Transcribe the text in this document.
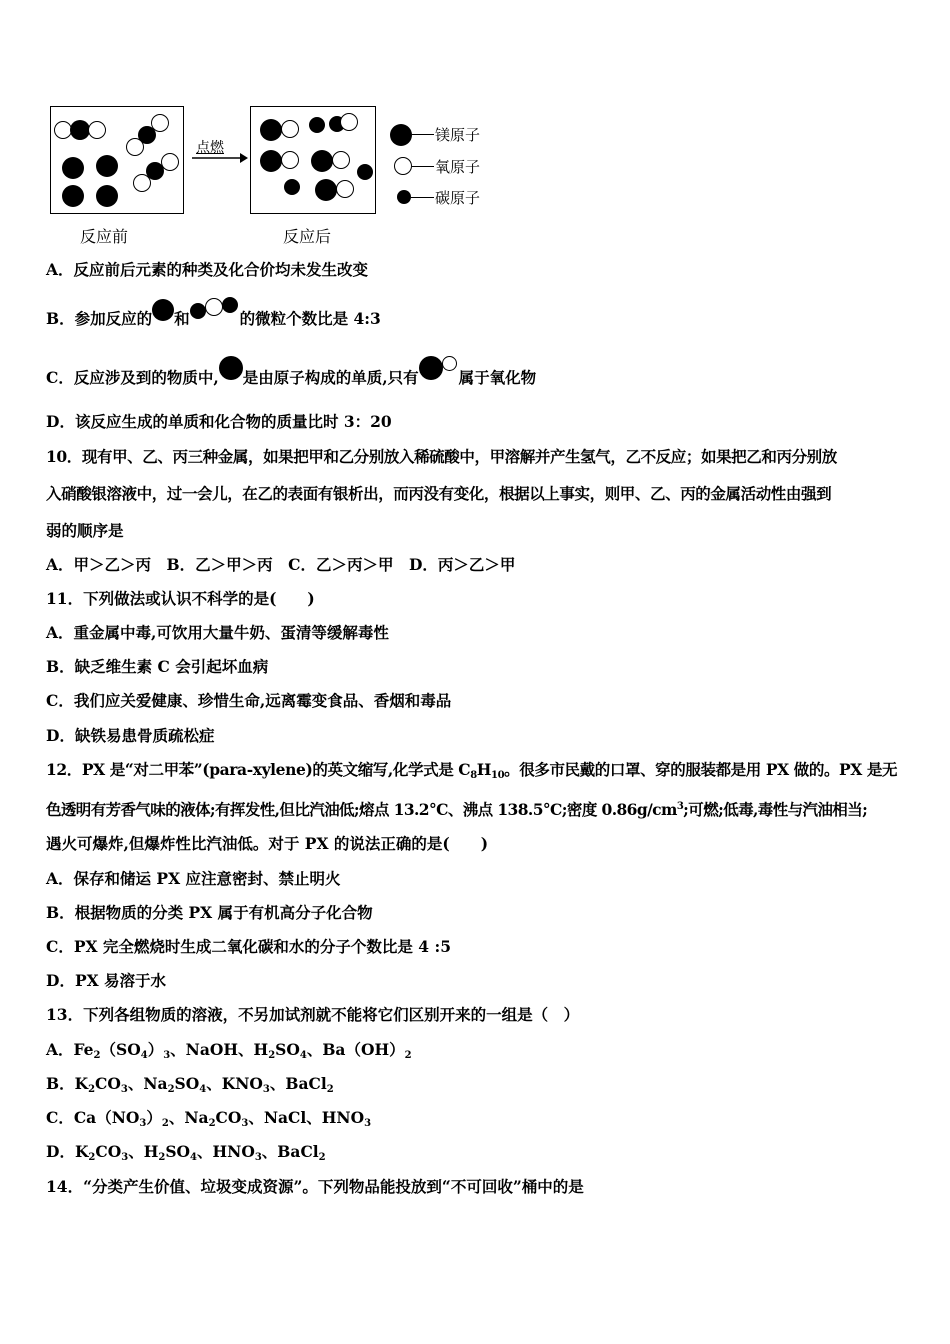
点燃
镁原子
氧原子
碳原子
反应前	反应后
A．反应前后元素的种类及化合价均未发生改变
B．参加反应的 和	的微粒个数比是 4:3
C．反应涉及到的物质中, 是由原子构成的单质,只有	属于氧化物
D．该反应生成的单质和化合物的质量比时 3：20
10．现有甲、乙、丙三种金属，如果把甲和乙分别放入稀硫酸中，甲溶解并产生氢气，乙不反应；如果把乙和丙分别放
入硝酸银溶液中，过一会儿，在乙的表面有银析出，而丙没有变化，根据以上事实，则甲、乙、丙的金属活动性由强到
弱的顺序是
A．甲＞乙＞丙　B．乙＞甲＞丙　C．乙＞丙＞甲　D．丙＞乙＞甲
11．下列做法或认识不科学的是(　　)
A．重金属中毒,可饮用大量牛奶、蛋清等缓解毒性
B．缺乏维生素 C 会引起坏血病
C．我们应关爱健康、珍惜生命,远离霉变食品、香烟和毒品
D．缺铁易患骨质疏松症
12．PX 是“对二甲苯”(para-xylene)的英文缩写,化学式是 $C_8H_{10}$。很多市民戴的口罩、穿的服装都是用 PX 做的。PX 是无
色透明有芳香气味的液体;有挥发性,但比汽油低;熔点 13.2°C、沸点 138.5°C;密度 $0.86g/cm^3$;可燃;低毒,毒性与汽油相当;
遇火可爆炸,但爆炸性比汽油低。对于 PX 的说法正确的是(　　)
A．保存和储运 PX 应注意密封、禁止明火
B．根据物质的分类 PX 属于有机高分子化合物
C．PX 完全燃烧时生成二氧化碳和水的分子个数比是 4 :5
D．PX 易溶于水
13．下列各组物质的溶液，不另加试剂就不能将它们区别开来的一组是（　）
A．$Fe_2(SO_4)_3$、NaOH、$H_2SO_4$、$Ba(OH)_2$
B．$K_2CO_3$、$Na_2SO_4$、$KNO_3$、BaCl$_2$
C．$Ca(NO_3)_2$、$Na_2CO_3$、NaCl、$HNO_3$
D．$K_2CO_3$、$H_2SO_4$、$HNO_3$、BaCl$_2$
14．“分类产生价值、垃圾变成资源”。下列物品能投放到“不可回收”桶中的是
